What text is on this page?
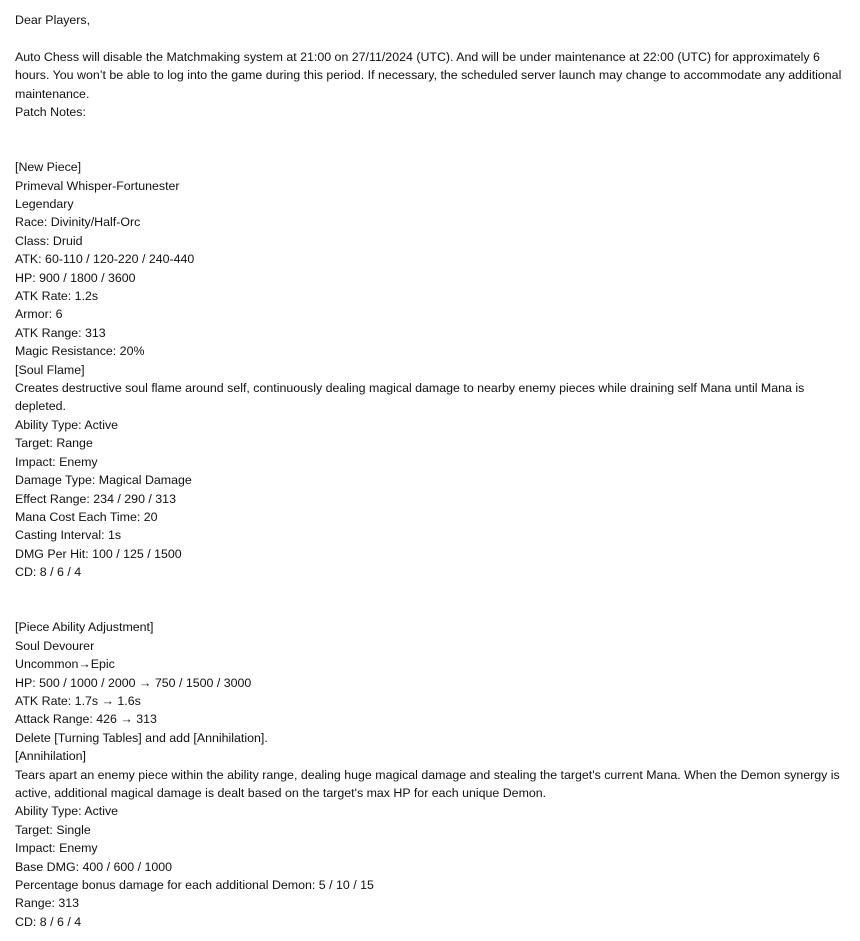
Dear Players,
Auto Chess will disable the Matchmaking system at 21:00 on 27/11/2024 (UTC). And will be under maintenance at 22:00 (UTC) for approximately 6 hours. You won’t be able to log into the game during this period. If necessary, the scheduled server launch may change to accommodate any additional maintenance.
Patch Notes:
[New Piece]
Primeval Whisper-Fortunester
Legendary
Race: Divinity/Half-Orc
Class: Druid
ATK: 60-110 / 120-220 / 240-440
HP: 900 / 1800 / 3600
ATK Rate: 1.2s
Armor: 6
ATK Range: 313
Magic Resistance: 20%
[Soul Flame]
Creates destructive soul flame around self, continuously dealing magical damage to nearby enemy pieces while draining self Mana until Mana is depleted.
Ability Type: Active
Target: Range
Impact: Enemy
Damage Type: Magical Damage
Effect Range: 234 / 290 / 313
Mana Cost Each Time: 20
Casting Interval: 1s
DMG Per Hit: 100 / 125 / 1500
CD: 8 / 6 / 4
[Piece Ability Adjustment]
Soul Devourer
Uncommon→Epic
HP: 500 / 1000 / 2000 → 750 / 1500 / 3000
ATK Rate: 1.7s → 1.6s
Attack Range: 426 → 313
Delete [Turning Tables] and add [Annihilation].
[Annihilation]
Tears apart an enemy piece within the ability range, dealing huge magical damage and stealing the target's current Mana. When the Demon synergy is active, additional magical damage is dealt based on the target's max HP for each unique Demon.
Ability Type: Active
Target: Single
Impact: Enemy
Base DMG: 400 / 600 / 1000
Percentage bonus damage for each additional Demon: 5 / 10 / 15
Range: 313
CD: 8 / 6 / 4
